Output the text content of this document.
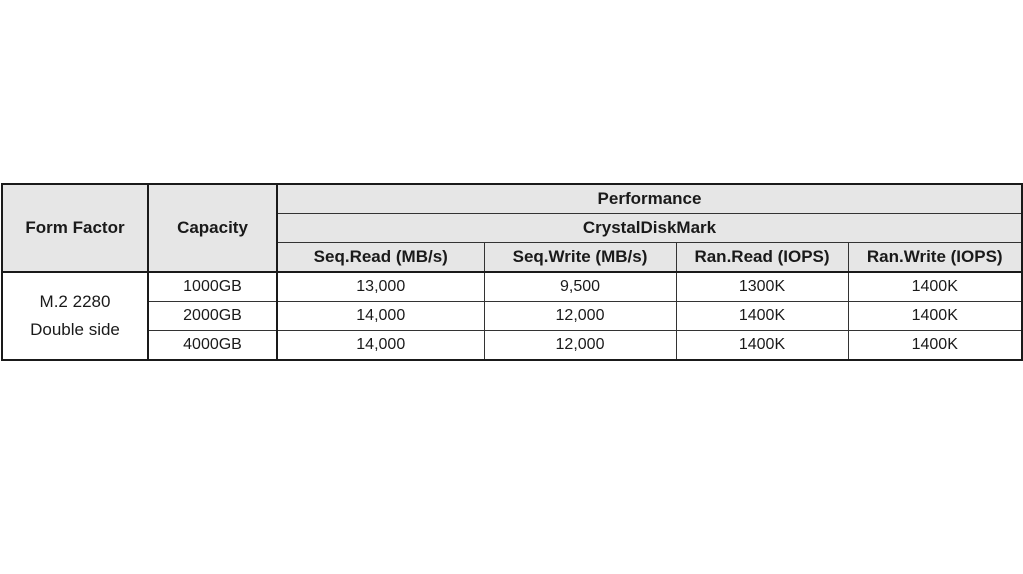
Form Factor	Capacity	Performance			
		CrystalDiskMark			
		Seq.Read (MB/s)	Seq.Write (MB/s)	Ran.Read (IOPS)	Ran.Write (IOPS)

M.2 2280
Double side	1000GB	13,000	9,500	1300K	1400K
	2000GB	14,000	12,000	1400K	1400K
	4000GB	14,000	12,000	1400K	1400K
